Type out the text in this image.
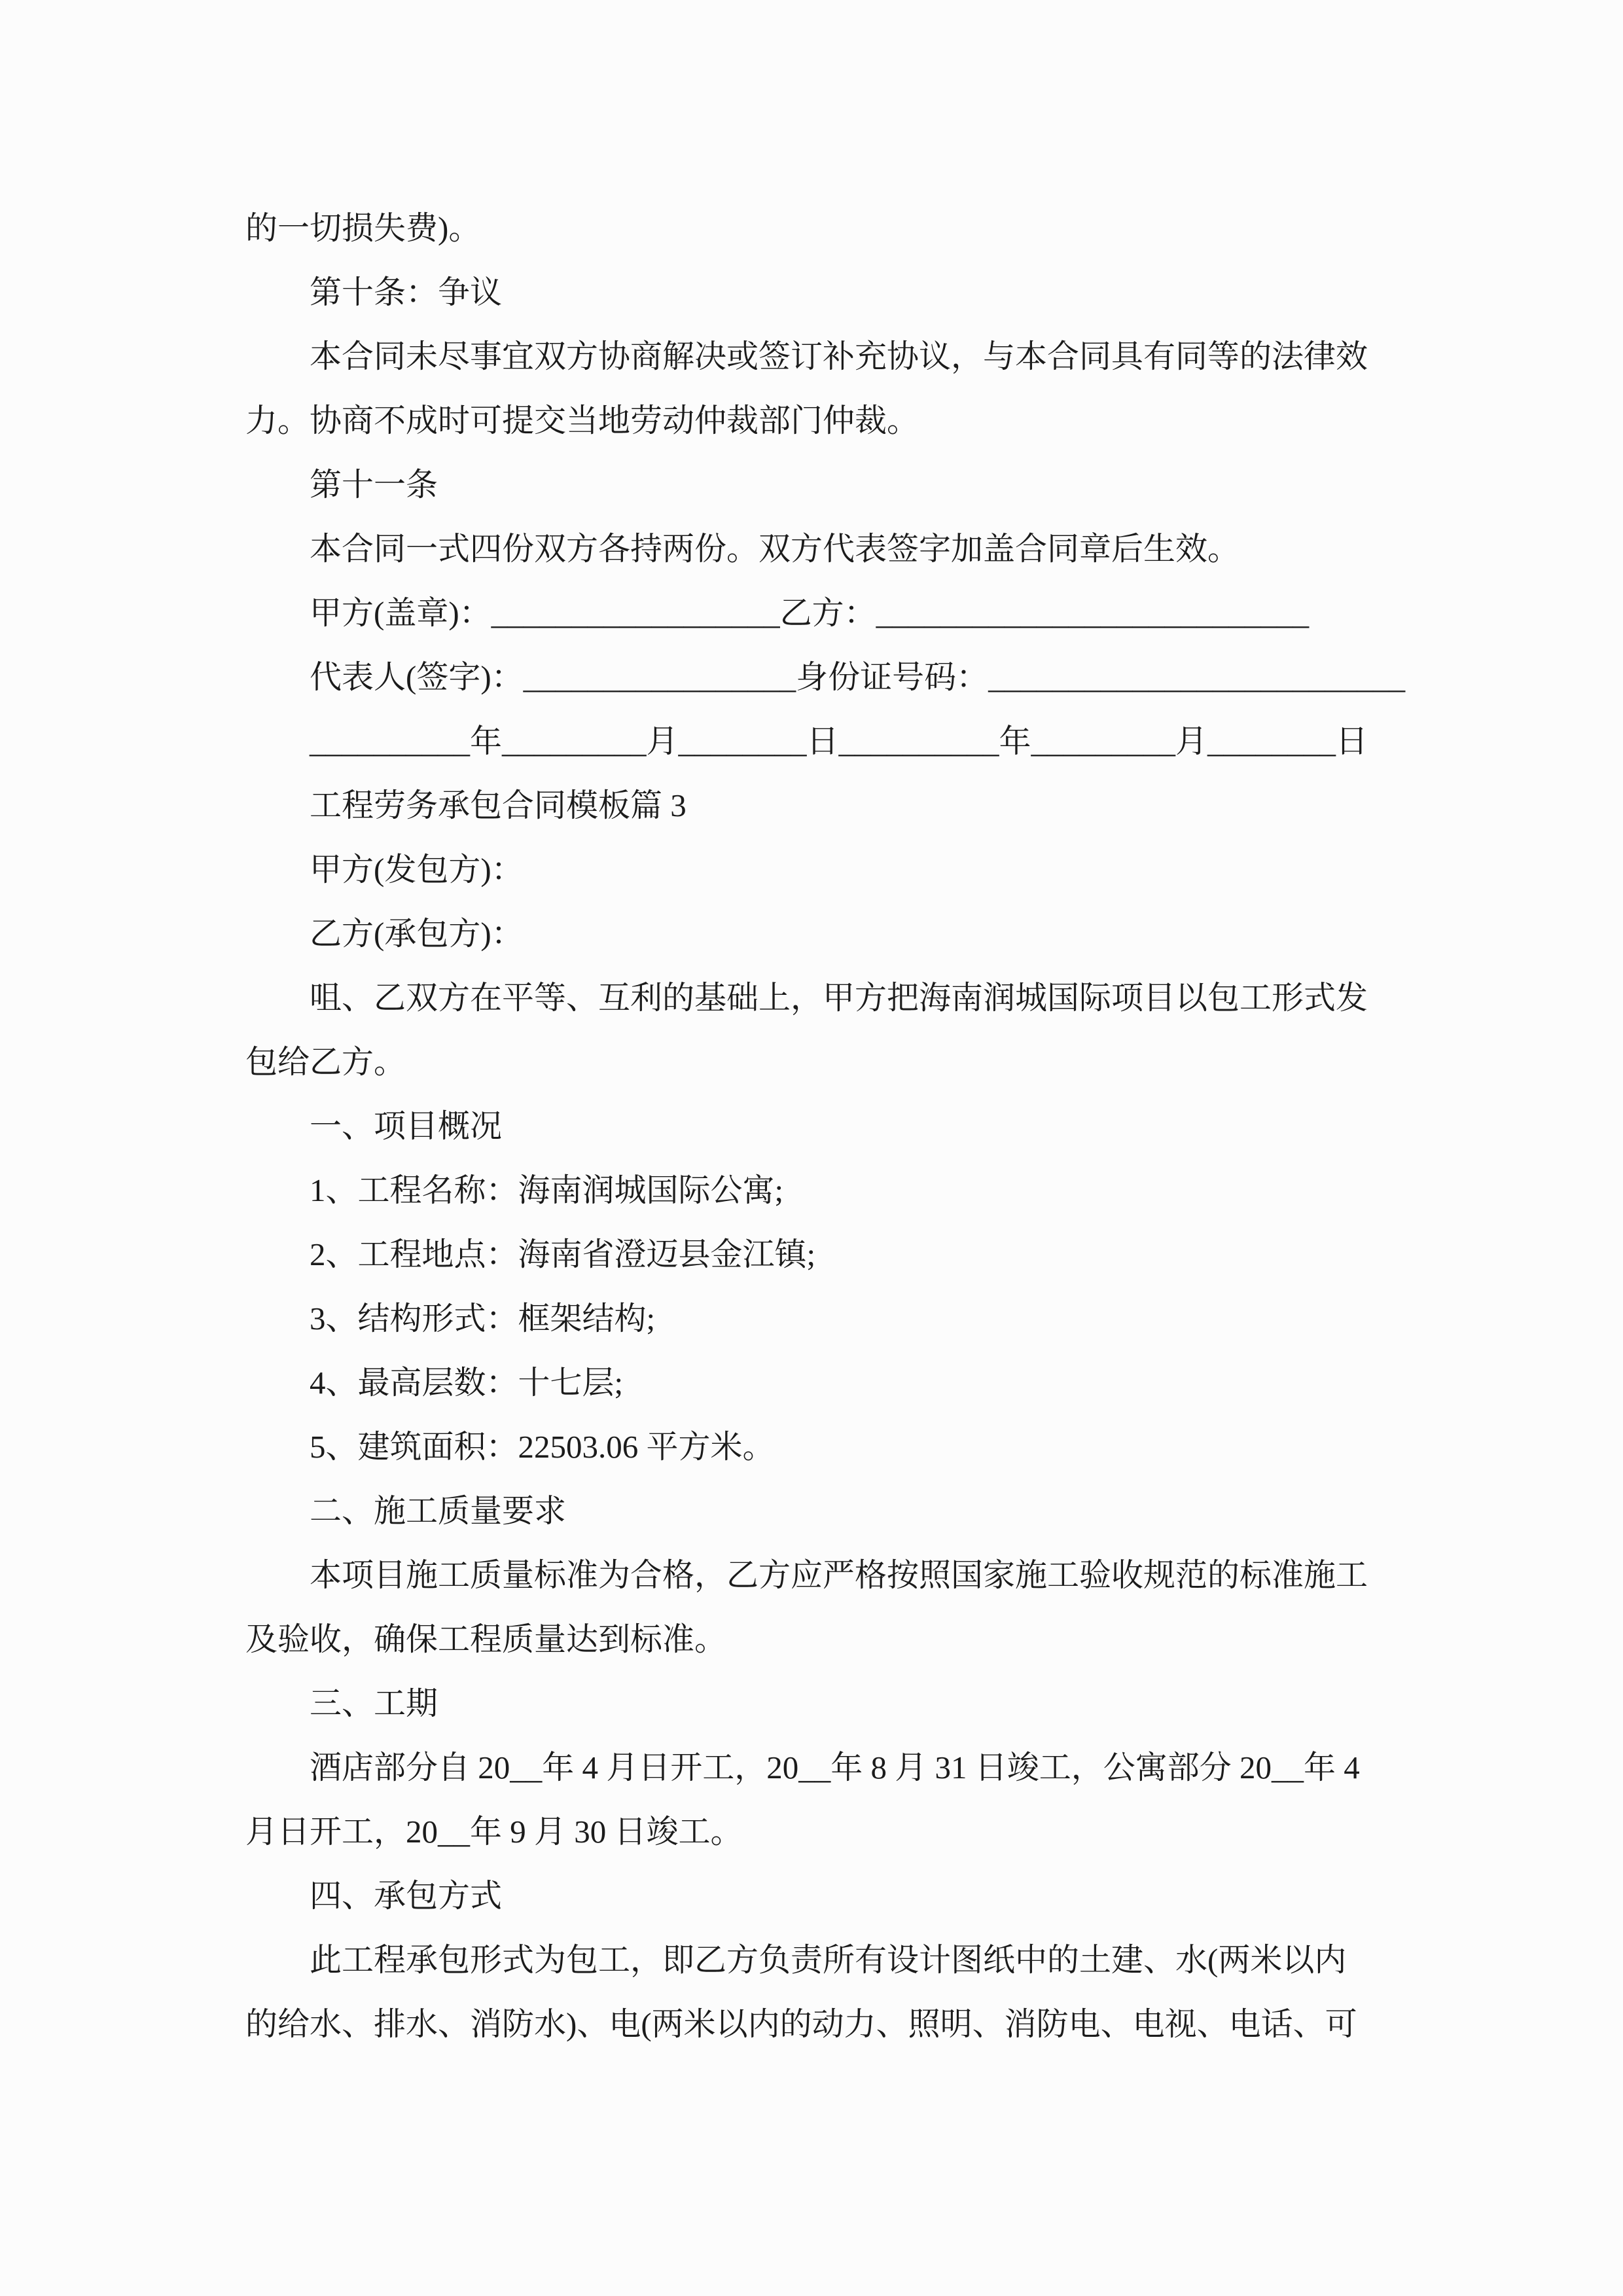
的一切损失费)。
第十条：争议
本合同未尽事宜双方协商解决或签订补充协议，与本合同具有同等的法律效
力。协商不成时可提交当地劳动仲裁部门仲裁。
第十一条
本合同一式四份双方各持两份。双方代表签字加盖合同章后生效。
甲方(盖章)：__________________乙方：___________________________
代表人(签字)：_________________身份证号码：__________________________
__________年_________月________日__________年_________月________日
工程劳务承包合同模板篇 3
甲方(发包方)：
乙方(承包方)：
咀、乙双方在平等、互利的基础上，甲方把海南润城国际项目以包工形式发
包给乙方。
一、项目概况
1、工程名称：海南润城国际公寓;
2、工程地点：海南省澄迈县金江镇;
3、结构形式：框架结构;
4、最高层数：十七层;
5、建筑面积：22503.06 平方米。
二、施工质量要求
本项目施工质量标准为合格，乙方应严格按照国家施工验收规范的标准施工
及验收，确保工程质量达到标准。
三、工期
酒店部分自 20__年 4 月日开工，20__年 8 月 31 日竣工，公寓部分 20__年 4
月日开工，20__年 9 月 30 日竣工。
四、承包方式
此工程承包形式为包工，即乙方负责所有设计图纸中的土建、水(两米以内
的给水、排水、消防水)、电(两米以内的动力、照明、消防电、电视、电话、可
